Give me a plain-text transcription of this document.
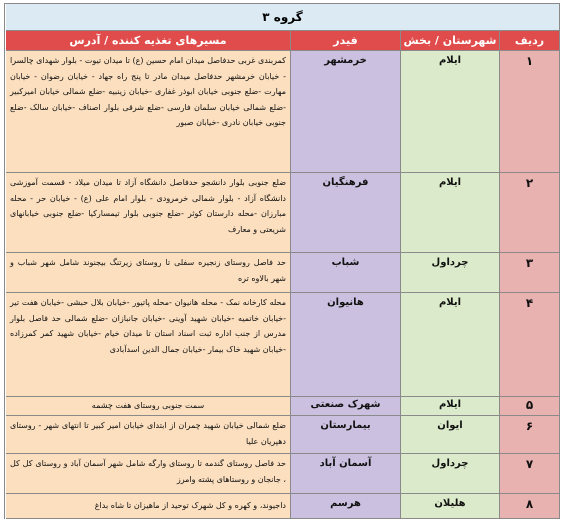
گروه ۳
ردیف
شهرستان / بخش
فیدر
مسیرهای تغذیه کننده / آدرس
۱
ایلام
خرمشهر
کمربندی غربی حدفاصل میدان امام حسین (ع) تا میدان تیوت - بلوار شهدای چالسرا - خیابان خرمشهر حدفاصل میدان مادر تا پنج راه جهاد - خیابان رضوان - خیابان مهارت -ضلع جنوبی خیابان ابوذر غفاری -خیابان زینبیه -ضلع شمالی خیابان امیرکبیر -ضلع شمالی خیابان سلمان فارسی -ضلع شرقی بلوار اصناف -خیابان سالک -ضلع جنوبی خیابان نادری -خیابان صبور
۲
ایلام
فرهنگیان
ضلع جنوبی بلوار دانشجو حدفاصل دانشگاه آزاد تا میدان میلاد - قسمت آموزشی دانشگاه آزاد - بلوار شمالی خرمرودی - بلوار امام علی (ع) - خیابان حر - محله مبارزان -محله دارستان کوثر -ضلع جنوبی بلوار تیمسارکیا -ضلع جنوبی خیابانهای شریعتی و معارف
۳
چرداول
شباب
حد فاصل روستای زنجیره سفلی تا روستای زیرتنگ بیجنوند شامل شهر شباب و شهر بالاوه تره
۴
ایلام
هانیوان
محله کارخانه نمک - محله هانیوان -محله پاتیور -خیابان بلال حبشی -خیابان هفت تیر -خیابان خاتمیه -خیابان شهید آوینی -خیابان جانبازان -ضلع شمالی حد فاصل بلوار مدرس از جنب اداره ثبت اسناد استان تا میدان خیام -خیابان شهید کمر کمرزاده -خیابان شهید خاک بیمار -خیابان جمال الدین اسدآبادی
۵
ایلام
شهرک صنعتی
سمت جنوبی روستای هفت چشمه
۶
ایوان
بیمارستان
ضلع شمالی خیابان شهید چمران از ابتدای خیابان امیر کبیر تا انتهای شهر - روستای دهپریان علیا
۷
چرداول
آسمان آباد
حد فاصل روستای گندمه تا روستای وارگه شامل شهر آسمان آباد و روستای کل کل ، جانجان و روستاهای پشته وامرز
۸
هلیلان
هرسم
داجیوند، و کهره و کل شهرک توحید از ماهیزان تا شاه بداغ
